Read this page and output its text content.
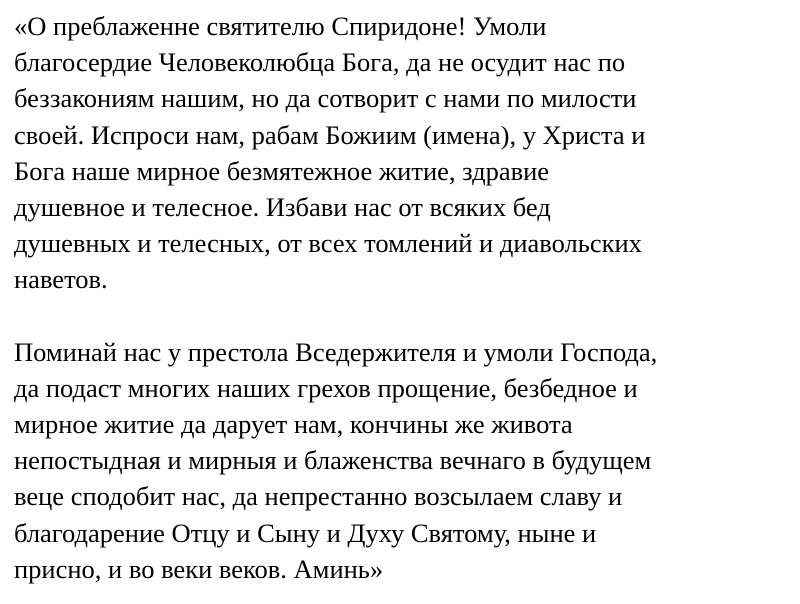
«О преблаженне святителю Спиридоне! Умоли
благосердие Человеколюбца Бога, да не осудит нас по
беззакониям нашим, но да сотворит с нами по милости
своей. Испроси нам, рабам Божиим (имена), у Христа и
Бога наше мирное безмятежное житие, здравие
душевное и телесное. Избави нас от всяких бед
душевных и телесных, от всех томлений и диавольских
наветов.
Поминай нас у престола Вседержителя и умоли Господа,
да подаст многих наших грехов прощение, безбедное и
мирное житие да дарует нам, кончины же живота
непостыдная и мирныя и блаженства вечнаго в будущем
веце сподобит нас, да непрестанно возсылаем славу и
благодарение Отцу и Сыну и Духу Святому, ныне и
присно, и во веки веков. Аминь»
